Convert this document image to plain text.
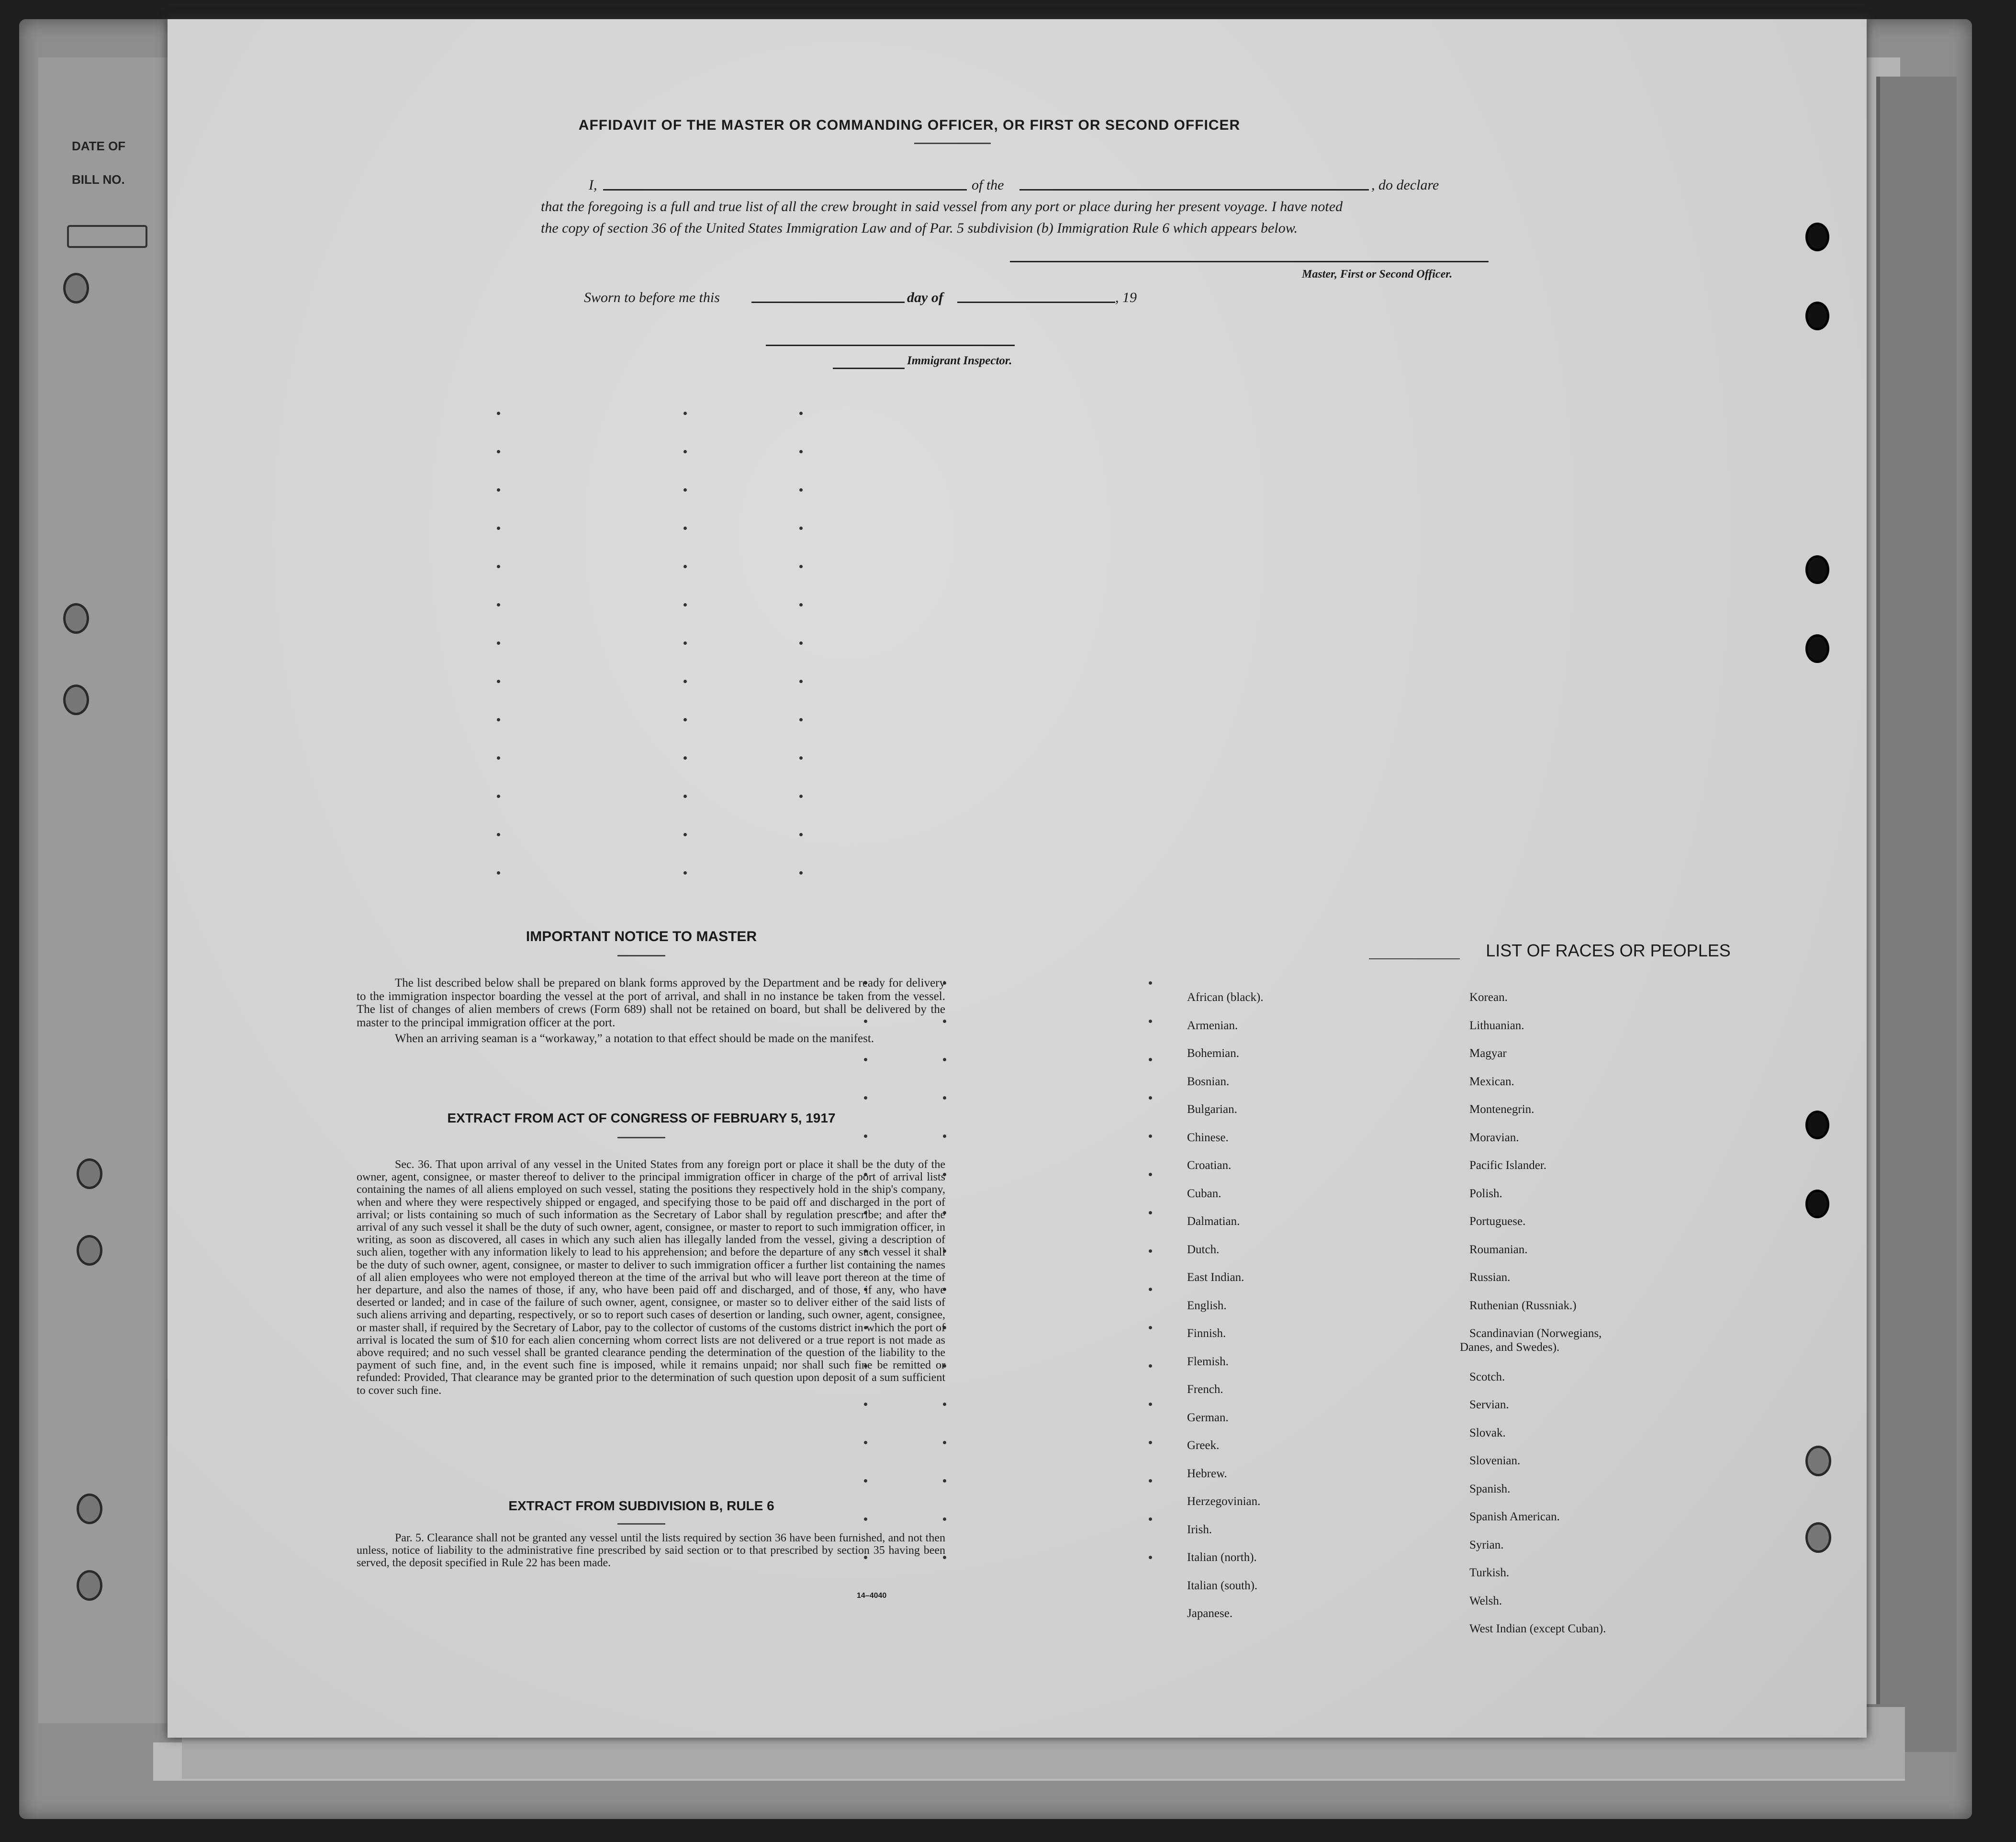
DATE OF
BILL NO.
AFFIDAVIT OF THE MASTER OR COMMANDING OFFICER, OR FIRST OR SECOND OFFICER
I,	of the	, do declare
that the foregoing is a full and true list of all the crew brought in said vessel from any port or place during her present voyage. I have noted
the copy of section 36 of the United States Immigration Law and of Par. 5 subdivision (b) Immigration Rule 6 which appears below.
Master, First or Second Officer.
Sworn to before me this	day of	, 19
Immigrant Inspector.
IMPORTANT NOTICE TO MASTER

The list described below shall be prepared on blank forms approved by the Department and be ready for delivery to the immigration inspector boarding the vessel at the port of arrival, and shall in no instance be taken from the vessel. The list of changes of alien members of crews (Form 689) shall not be retained on board, but shall be delivered by the master to the principal immigration officer at the port.

When an arriving seaman is a “workaway,” a notation to that effect should be made on the manifest.

EXTRACT FROM ACT OF CONGRESS OF FEBRUARY 5, 1917

Sec. 36. That upon arrival of any vessel in the United States from any foreign port or place it shall be the duty of the owner, agent, consignee, or master thereof to deliver to the principal immigration officer in charge of the port of arrival lists containing the names of all aliens employed on such vessel, stating the positions they respectively hold in the ship's company, when and where they were respectively shipped or engaged, and specifying those to be paid off and discharged in the port of arrival; or lists containing so much of such information as the Secretary of Labor shall by regulation prescribe; and after the arrival of any such vessel it shall be the duty of such owner, agent, consignee, or master to report to such immigration officer, in writing, as soon as discovered, all cases in which any such alien has illegally landed from the vessel, giving a description of such alien, together with any information likely to lead to his apprehension; and before the departure of any such vessel it shall be the duty of such owner, agent, consignee, or master to deliver to such immigration officer a further list containing the names of all alien employees who were not employed thereon at the time of the arrival but who will leave port thereon at the time of her departure, and also the names of those, if any, who have been paid off and discharged, and of those, if any, who have deserted or landed; and in case of the failure of such owner, agent, consignee, or master so to deliver either of the said lists of such aliens arriving and departing, respectively, or so to report such cases of desertion or landing, such owner, agent, consignee, or master shall, if required by the Secretary of Labor, pay to the collector of customs of the customs district in which the port of arrival is located the sum of $10 for each alien concerning whom correct lists are not delivered or a true report is not made as above required; and no such vessel shall be granted clearance pending the determination of the question of the liability to the payment of such fine, and, in the event such fine is imposed, while it remains unpaid; nor shall such fine be remitted or refunded: Provided, That clearance may be granted prior to the determination of such question upon deposit of a sum sufficient to cover such fine.

EXTRACT FROM SUBDIVISION B, RULE 6

Par. 5. Clearance shall not be granted any vessel until the lists required by section 36 have been furnished, and not then unless, notice of liability to the administrative fine prescribed by said section or to that prescribed by section 35 having been served, the deposit specified in Rule 22 has been made.

14–4040
LIST OF RACES OR PEOPLES
African (black).
Armenian.
Bohemian.
Bosnian.
Bulgarian.
Chinese.
Croatian.
Cuban.
Dalmatian.
Dutch.
East Indian.
English.
Finnish.
Flemish.
French.
German.
Greek.
Hebrew.
Herzegovinian.
Irish.
Italian (north).
Italian (south).
Japanese.
Korean.
Lithuanian.
Magyar
Mexican.
Montenegrin.
Moravian.
Pacific Islander.
Polish.
Portuguese.
Roumanian.
Russian.
Ruthenian (Russniak.)
Scandinavian (Norwegians,
Danes, and Swedes).
Scotch.
Servian.
Slovak.
Slovenian.
Spanish.
Spanish American.
Syrian.
Turkish.
Welsh.
West Indian (except Cuban).
